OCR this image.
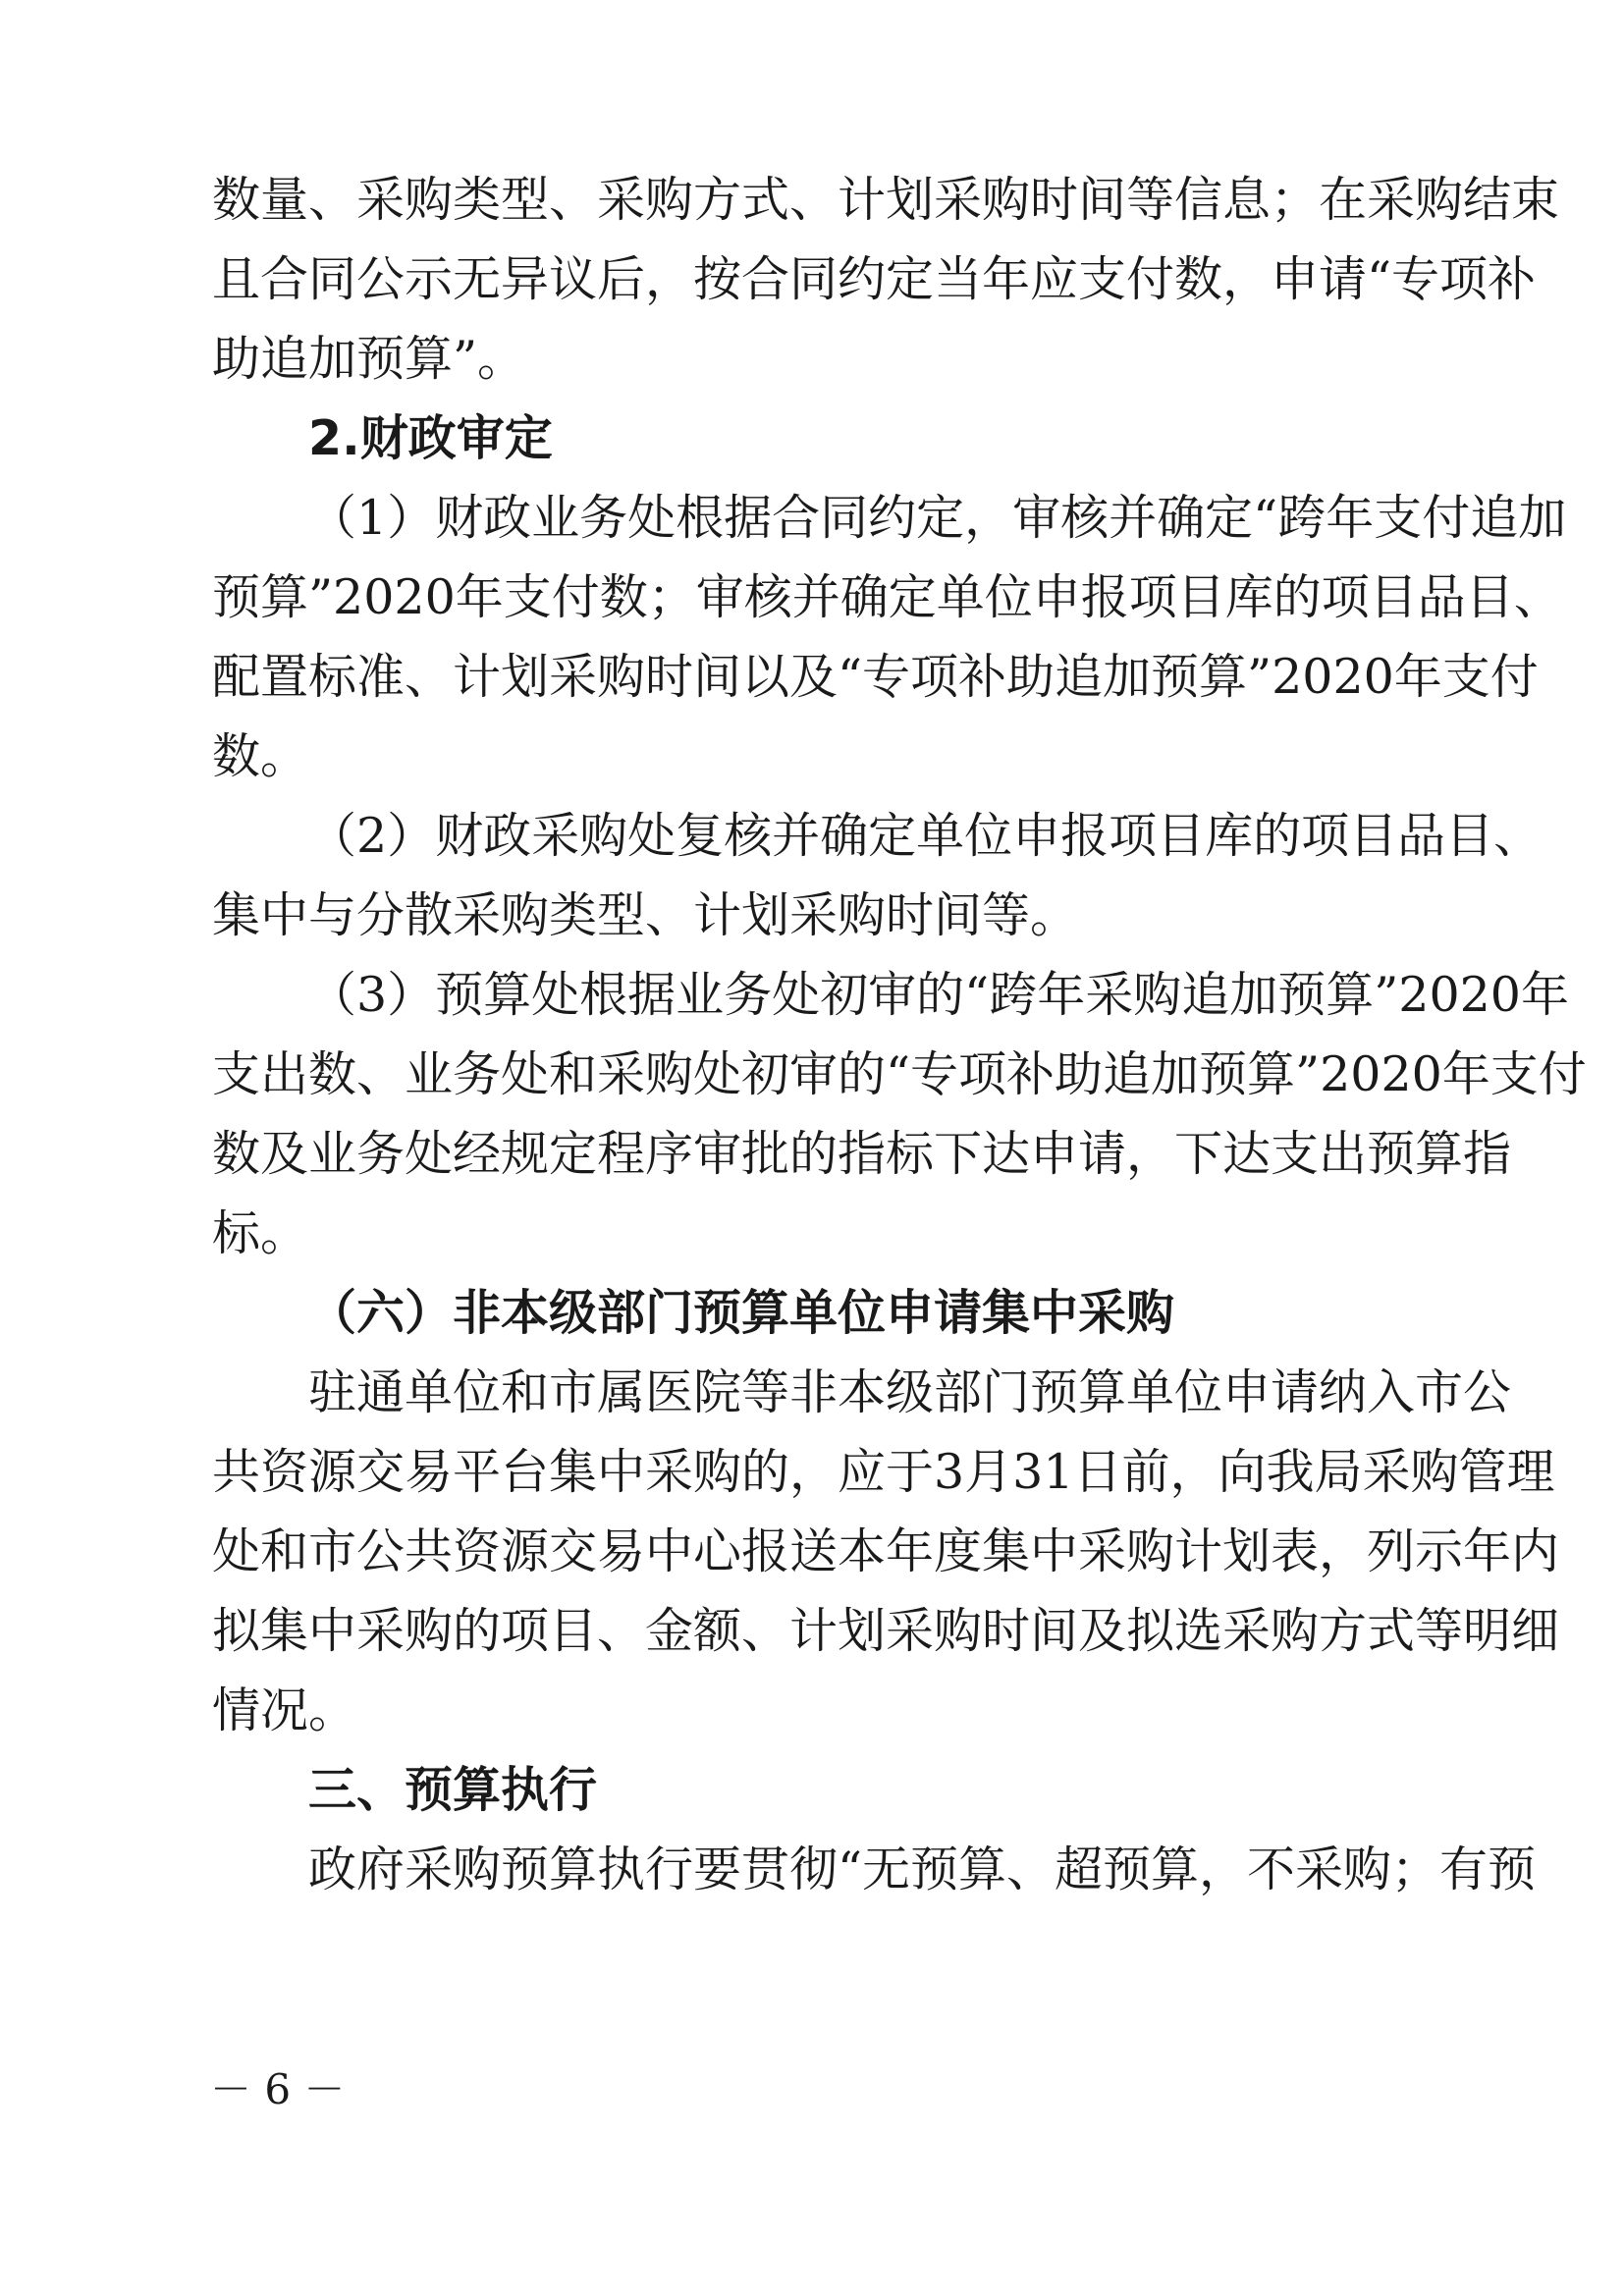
数量、采购类型、采购方式、计划采购时间等信息；在采购结束

且合同公示无异议后，按合同约定当年应支付数，申请“专项补

助追加预算”。

2.财政审定

（1）财政业务处根据合同约定，审核并确定“跨年支付追加

预算”2020年支付数；审核并确定单位申报项目库的项目品目、

配置标准、计划采购时间以及“专项补助追加预算”2020年支付

数。

（2）财政采购处复核并确定单位申报项目库的项目品目、

集中与分散采购类型、计划采购时间等。

（3）预算处根据业务处初审的“跨年采购追加预算”2020年

支出数、业务处和采购处初审的“专项补助追加预算”2020年支付

数及业务处经规定程序审批的指标下达申请，下达支出预算指

标。

（六）非本级部门预算单位申请集中采购

驻通单位和市属医院等非本级部门预算单位申请纳入市公

共资源交易平台集中采购的，应于3月31日前，向我局采购管理

处和市公共资源交易中心报送本年度集中采购计划表，列示年内

拟集中采购的项目、金额、计划采购时间及拟选采购方式等明细

情况。

三、预算执行

政府采购预算执行要贯彻“无预算、超预算，不采购；有预

－ 6 －
